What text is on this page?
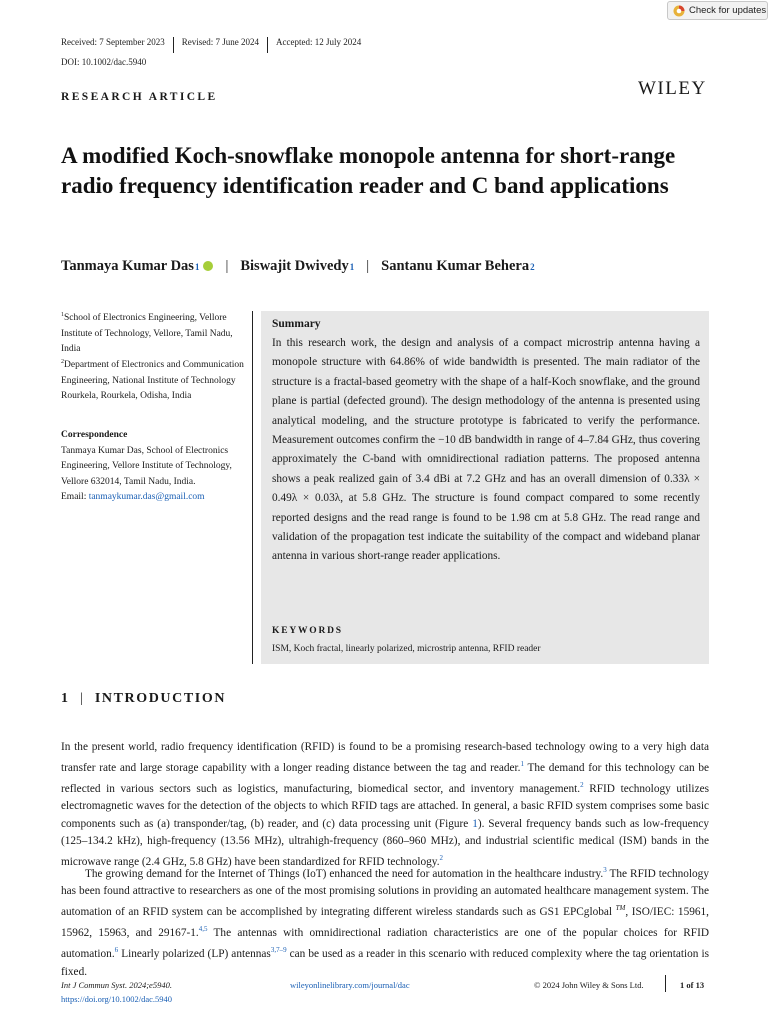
Check for updates
Received: 7 September 2023 Revised: 7 June 2024 Accepted: 12 July 2024
DOI: 10.1002/dac.5940
RESEARCH ARTICLE	WILEY
A modified Koch-snowflake monopole antenna for short-range radio frequency identification reader and C band applications
Tanmaya Kumar Das 1 | Biswajit Dwivedy 1 | Santanu Kumar Behera 2
$^1$School of Electronics Engineering, Vellore Institute of Technology, Vellore, Tamil Nadu, India
$^2$Department of Electronics and Communication Engineering, National Institute of Technology Rourkela, Rourkela, Odisha, India
Correspondence
Tanmaya Kumar Das, School of Electronics Engineering, Vellore Institute of Technology, Vellore 632014, Tamil Nadu, India.
Email: tanmaykumar.das@gmail.com
Summary
In this research work, the design and analysis of a compact microstrip antenna having a monopole structure with 64.86% of wide bandwidth is presented. The main radiator of the structure is a fractal-based geometry with the shape of a half-Koch snowflake, and the ground plane is partial (defected ground). The design methodology of the antenna is presented using analytical modeling, and the structure prototype is fabricated to verify the performance. Measurement outcomes confirm the −10 dB bandwidth in range of 4–7.84 GHz, thus covering approximately the C-band with omnidirectional radiation patterns. The proposed antenna shows a peak realized gain of 3.4 dBi at 7.2 GHz and has an overall dimension of 0.33λ × 0.49λ × 0.03λ, at 5.8 GHz. The structure is found compact compared to some recently reported designs and the read range is found to be 1.98 cm at 5.8 GHz. The read range and validation of the propagation test indicate the suitability of the compact and wideband planar antenna in various short-range reader applications.
KEYWORDS
ISM, Koch fractal, linearly polarized, microstrip antenna, RFID reader
1 | INTRODUCTION
In the present world, radio frequency identification (RFID) is found to be a promising research-based technology owing to a very high data transfer rate and large storage capability with a longer reading distance between the tag and reader.$^1$ The demand for this technology can be reflected in various sectors such as logistics, manufacturing, biomedical sector, and inventory management.$^2$ RFID technology utilizes electromagnetic waves for the detection of the objects to which RFID tags are attached. In general, a basic RFID system comprises some basic components such as (a) transponder/tag, (b) reader, and (c) data processing unit (Figure 1). Several frequency bands such as low-frequency (125–134.2 kHz), high-frequency (13.56 MHz), ultrahigh-frequency (860–960 MHz), and industrial scientific medical (ISM) bands in the microwave range (2.4 GHz, 5.8 GHz) have been standardized for RFID technology.$^2$
The growing demand for the Internet of Things (IoT) enhanced the need for automation in the healthcare industry.$^3$ The RFID technology has been found attractive to researchers as one of the most promising solutions in providing an automated healthcare management system. The automation of an RFID system can be accomplished by integrating different wireless standards such as GS1 EPCglobal ™, ISO/IEC: 15961, 15962, 15963, and 29167-1.$^{4,5}$ The antennas with omnidirectional radiation characteristics are one of the popular choices for RFID automation.$^6$ Linearly polarized (LP) antennas$^{3,7-9}$ can be used as a reader in this scenario with reduced complexity where the tag orientation is fixed.
Int J Commun Syst. 2024;e5940.
https://doi.org/10.1002/dac.5940
wileyonlinelibrary.com/journal/dac	© 2024 John Wiley & Sons Ltd.	1 of 13
